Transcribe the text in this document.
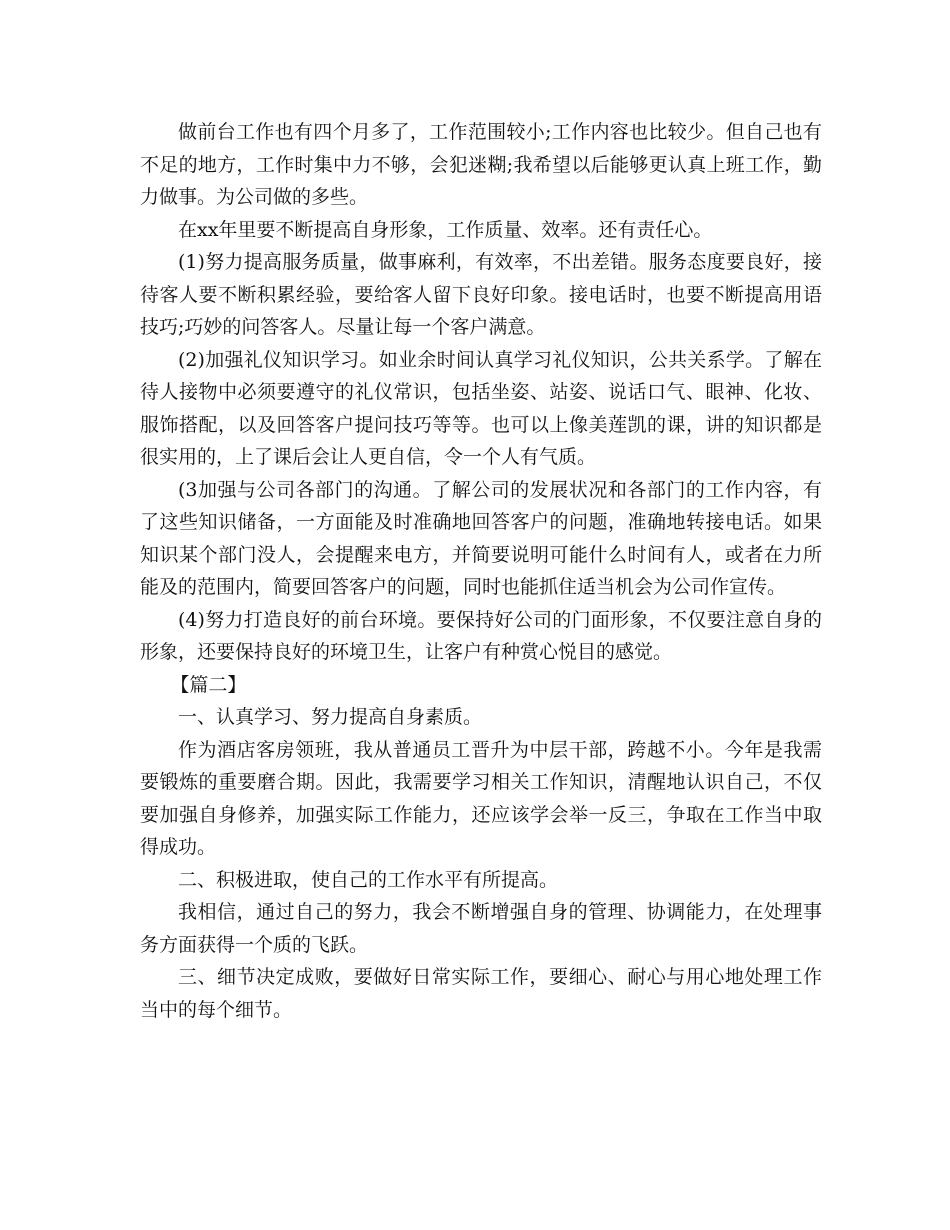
做前台工作也有四个月多了，工作范围较小;工作内容也比较少。但自己也有不足的地方，工作时集中力不够，会犯迷糊;我希望以后能够更认真上班工作，勤力做事。为公司做的多些。

在xx年里要不断提高自身形象，工作质量、效率。还有责任心。

(1)努力提高服务质量，做事麻利，有效率，不出差错。服务态度要良好，接待客人要不断积累经验，要给客人留下良好印象。接电话时，也要不断提高用语技巧;巧妙的问答客人。尽量让每一个客户满意。

(2)加强礼仪知识学习。如业余时间认真学习礼仪知识，公共关系学。了解在待人接物中必须要遵守的礼仪常识，包括坐姿、站姿、说话口气、眼神、化妆、服饰搭配，以及回答客户提问技巧等等。也可以上像美莲凯的课，讲的知识都是很实用的，上了课后会让人更自信，令一个人有气质。

(3加强与公司各部门的沟通。了解公司的发展状况和各部门的工作内容，有了这些知识储备，一方面能及时准确地回答客户的问题，准确地转接电话。如果知识某个部门没人，会提醒来电方，并简要说明可能什么时间有人，或者在力所能及的范围内，简要回答客户的问题，同时也能抓住适当机会为公司作宣传。

(4)努力打造良好的前台环境。要保持好公司的门面形象，不仅要注意自身的形象，还要保持良好的环境卫生，让客户有种赏心悦目的感觉。

【篇二】

一、认真学习、努力提高自身素质。

作为酒店客房领班，我从普通员工晋升为中层干部，跨越不小。今年是我需要锻炼的重要磨合期。因此，我需要学习相关工作知识，清醒地认识自己，不仅要加强自身修养，加强实际工作能力，还应该学会举一反三，争取在工作当中取得成功。

二、积极进取，使自己的工作水平有所提高。

我相信，通过自己的努力，我会不断增强自身的管理、协调能力，在处理事务方面获得一个质的飞跃。

三、细节决定成败，要做好日常实际工作，要细心、耐心与用心地处理工作当中的每个细节。
